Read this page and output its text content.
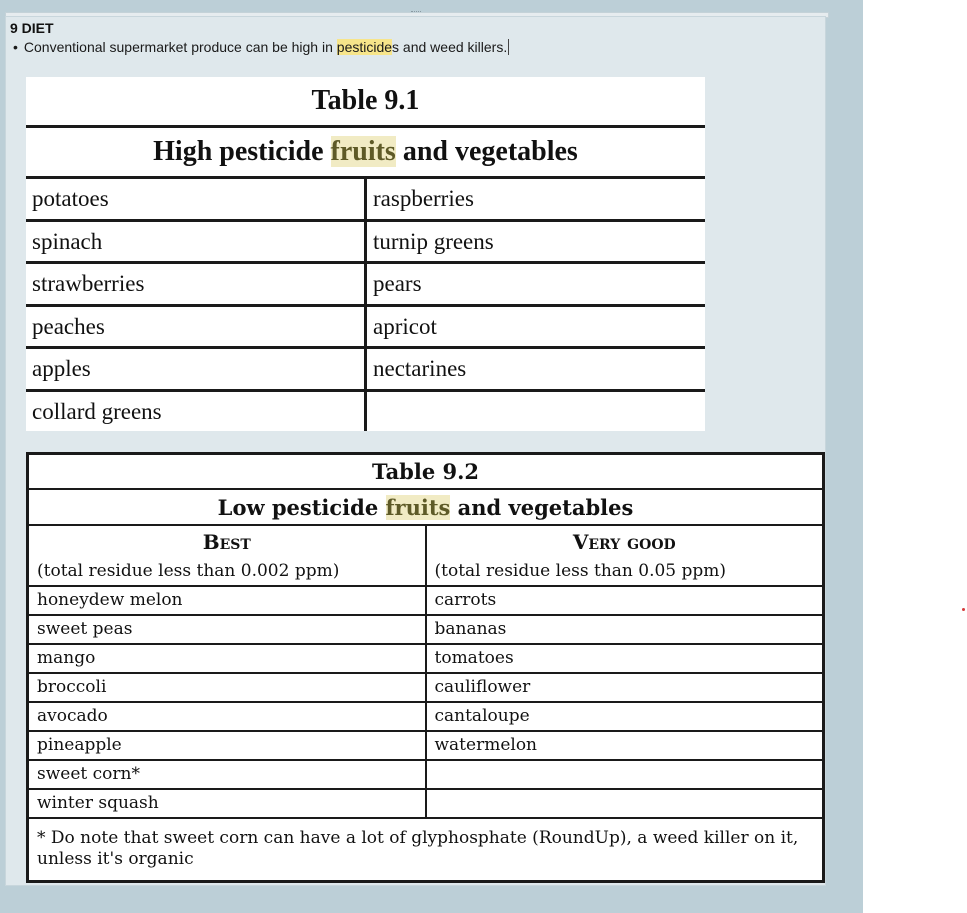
9 DIET
• Conventional supermarket produce can be high in pesticides and weed killers.
Table 9.1	
High pesticide fruits and vegetables	
potatoes	raspberries
spinach	turnip greens
strawberries	pears
peaches	apricot
apples	nectarines
collard greens	
Table 9.2	
Low pesticide fruits and vegetables	
Best	Very good
(total residue less than 0.002 ppm)	(total residue less than 0.05 ppm)
honeydew melon	carrots
sweet peas	bananas
mango	tomatoes
broccoli	cauliflower
avocado	cantaloupe
pineapple	watermelon
sweet corn*	
winter squash	
* Do note that sweet corn can have a lot of glyphosphate (RoundUp), a weed killer on it, unless it's organic	
